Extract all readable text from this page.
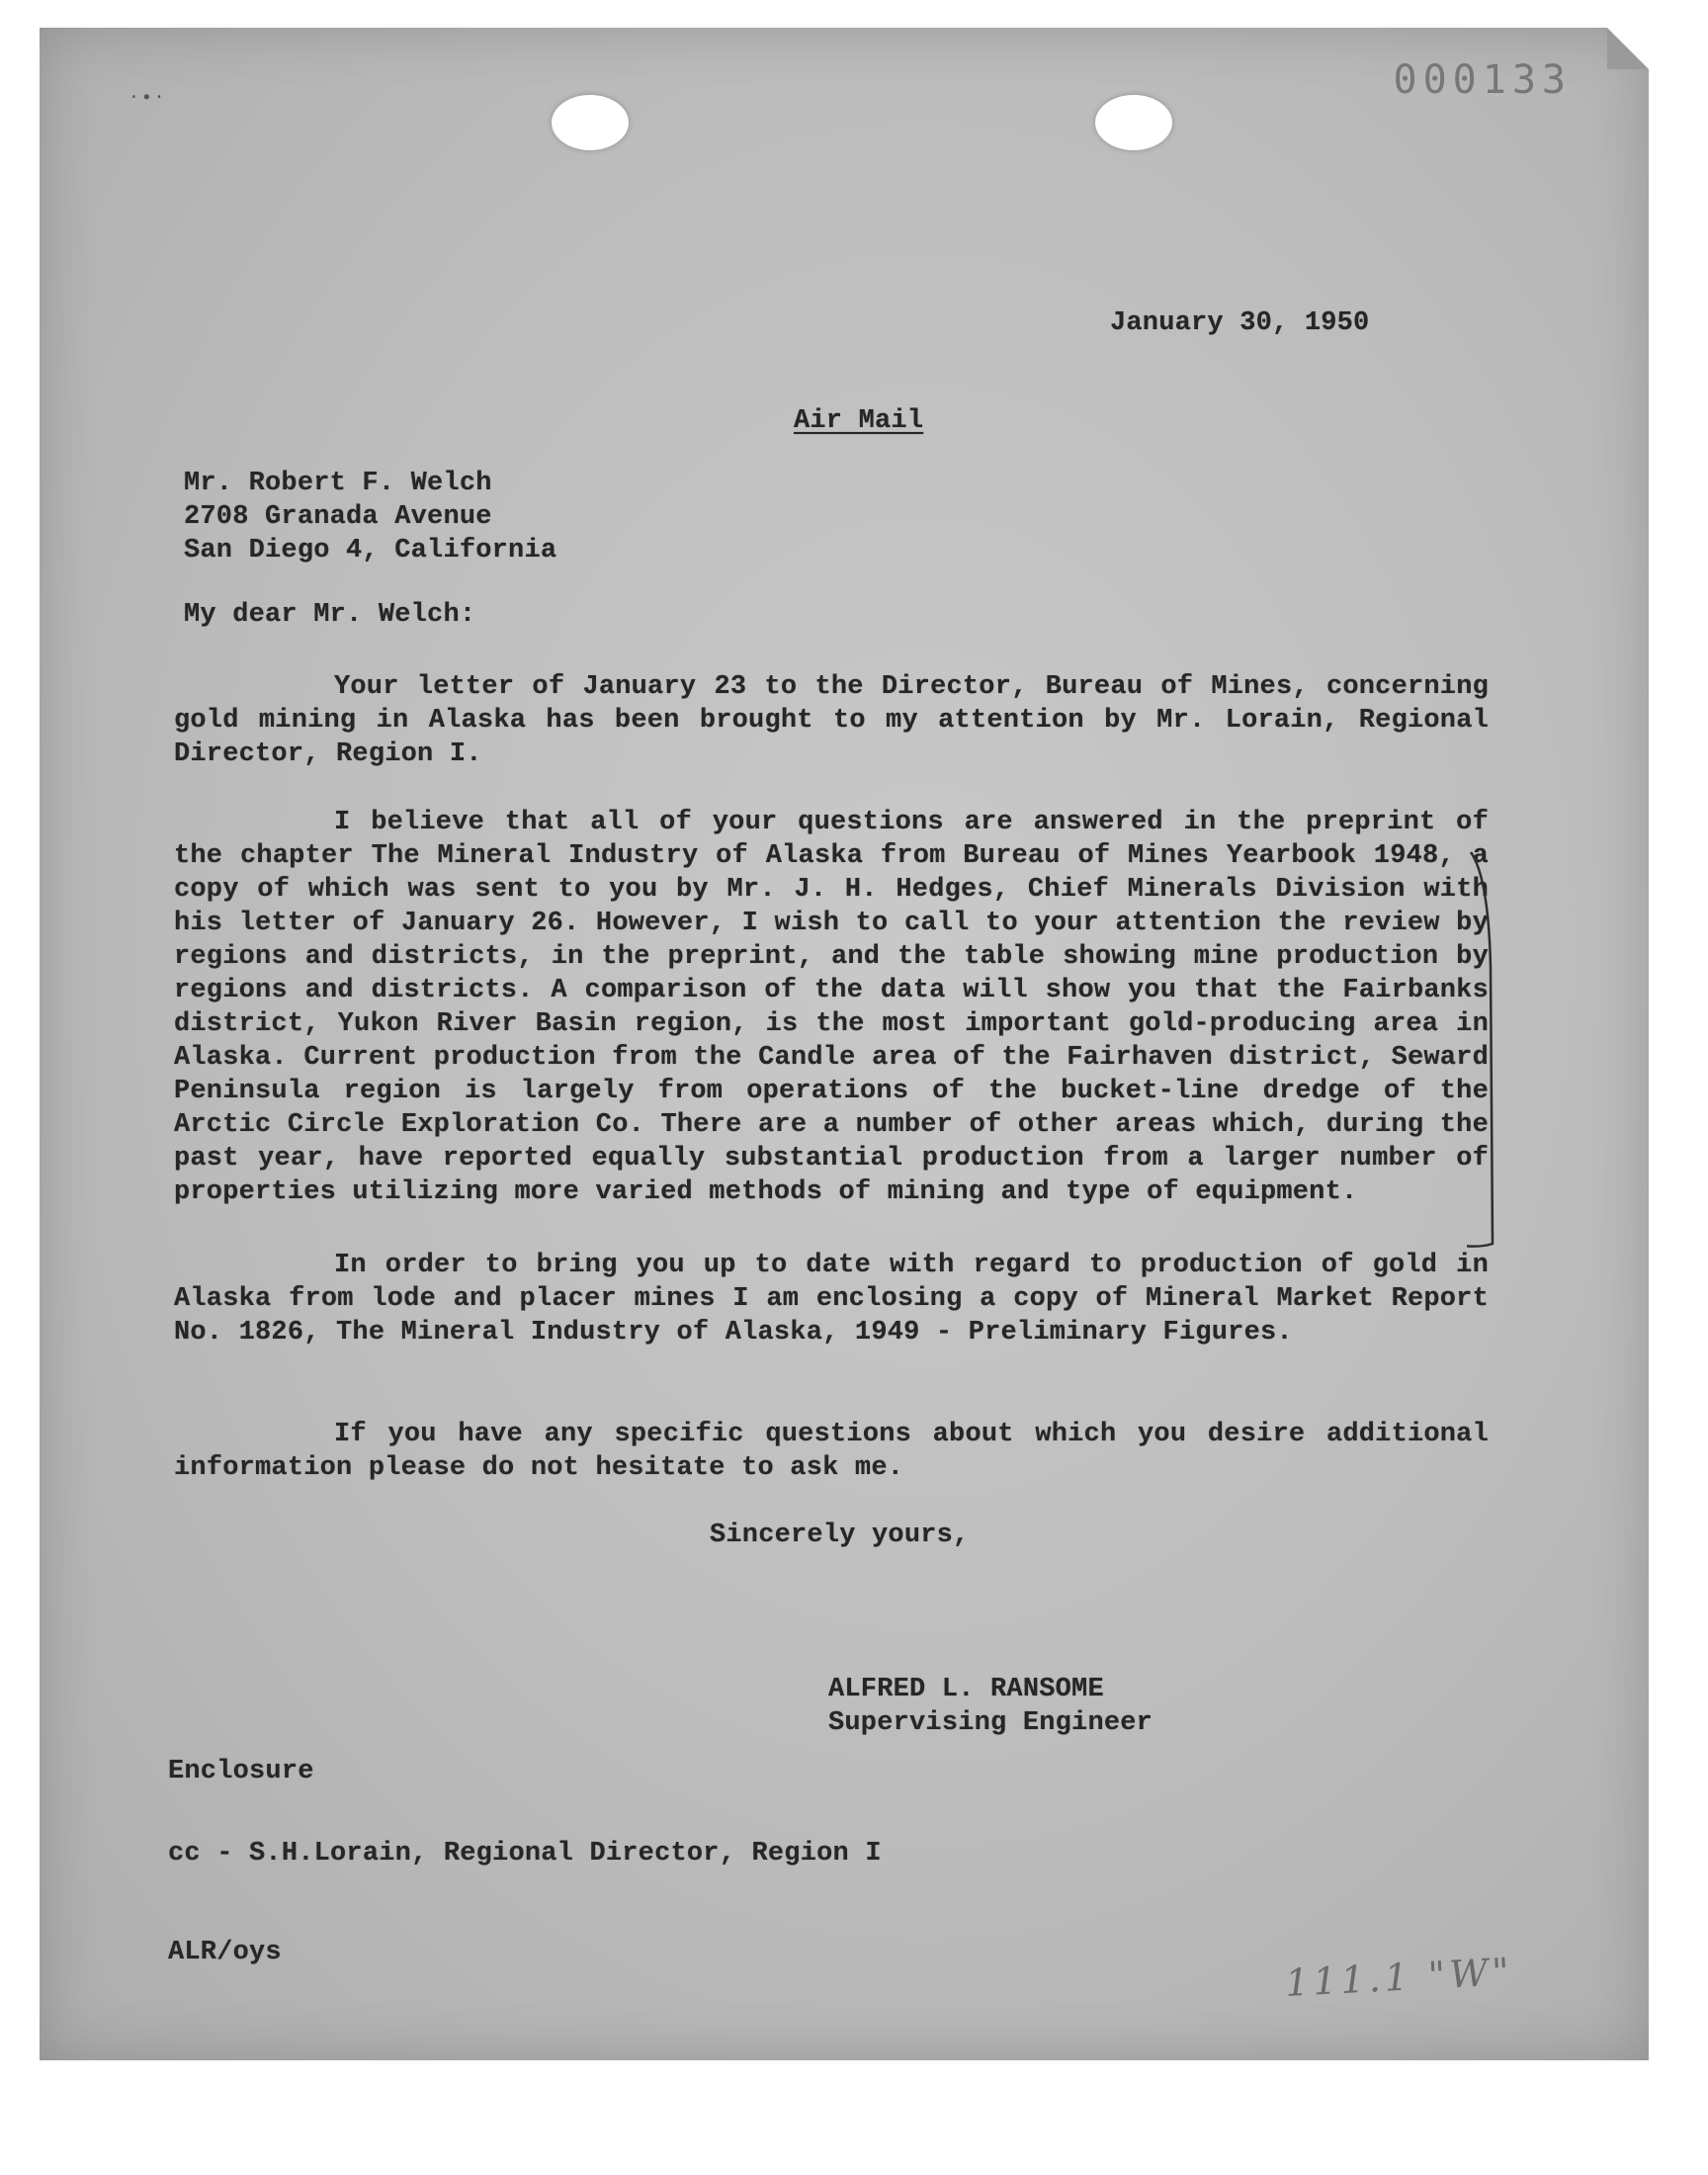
·∙·	000133
January 30, 1950
Air Mail
Mr. Robert F. Welch
2708 Granada Avenue
San Diego 4, California
My dear Mr. Welch:

Your letter of January 23 to the Director, Bureau of Mines, concerning gold mining in Alaska has been brought to my attention by Mr. Lorain, Regional Director, Region I.

I believe that all of your questions are answered in the preprint of the chapter The Mineral Industry of Alaska from Bureau of Mines Yearbook 1948, a copy of which was sent to you by Mr. J. H. Hedges, Chief Minerals Division with his letter of January 26. However, I wish to call to your attention the review by regions and districts, in the preprint, and the table showing mine production by regions and districts. A comparison of the data will show you that the Fairbanks district, Yukon River Basin region, is the most important gold-producing area in Alaska. Current production from the Candle area of the Fairhaven district, Seward Peninsula region is largely from operations of the bucket-line dredge of the Arctic Circle Exploration Co. There are a number of other areas which, during the past year, have reported equally substantial production from a larger number of properties utilizing more varied methods of mining and type of equipment.

In order to bring you up to date with regard to production of gold in Alaska from lode and placer mines I am enclosing a copy of Mineral Market Report No. 1826, The Mineral Industry of Alaska, 1949 - Preliminary Figures.

If you have any specific questions about which you desire additional information please do not hesitate to ask me.

Sincerely yours,
ALFRED L. RANSOME
Supervising Engineer
Enclosure
cc - S.H.Lorain, Regional Director, Region I
ALR/oys	111.1 "W"
